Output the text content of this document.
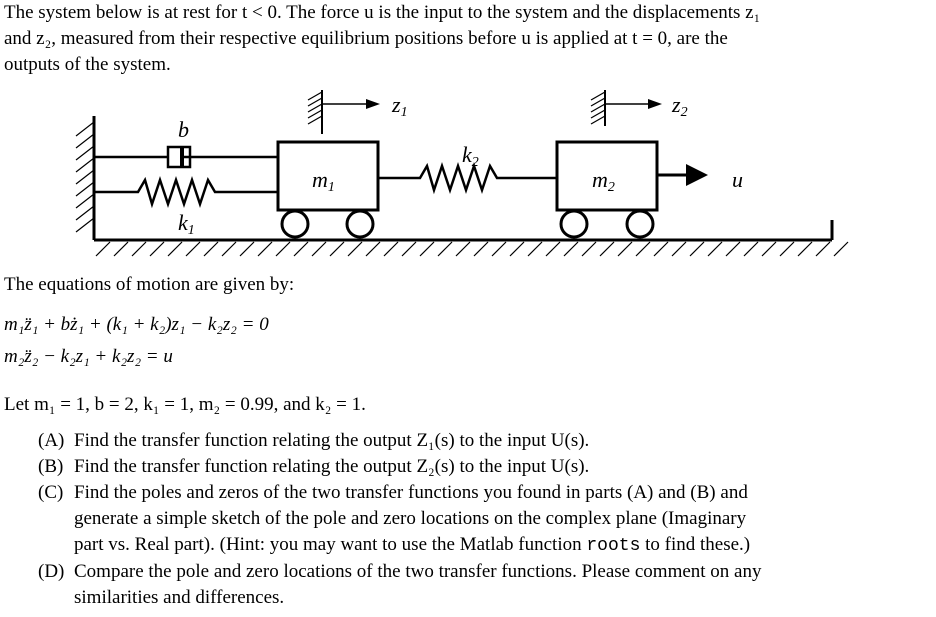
The system below is at rest for t < 0. The force u is the input to the system and the displacements z₁
and z₂, measured from their respective equilibrium positions before u is applied at t = 0, are the
outputs of the system.
b
k1
k2
m1	m2
z1	z2
u
The equations of motion are given by:
m₁z̈₁ + bż₁ + (k₁ + k₂)z₁ − k₂z₂ = 0
m₂z̈₂ − k₂z₁ + k₂z₂ = u
Let m₁ = 1, b = 2, k₁ = 1, m₂ = 0.99, and k₂ = 1.
(A) Find the transfer function relating the output Z₁(s) to the input U(s).
(B) Find the transfer function relating the output Z₂(s) to the input U(s).
(C) Find the poles and zeros of the two transfer functions you found in parts (A) and (B) and
generate a simple sketch of the pole and zero locations on the complex plane (Imaginary
part vs. Real part). (Hint: you may want to use the Matlab function roots to find these.)
(D) Compare the pole and zero locations of the two transfer functions. Please comment on any
similarities and differences.
